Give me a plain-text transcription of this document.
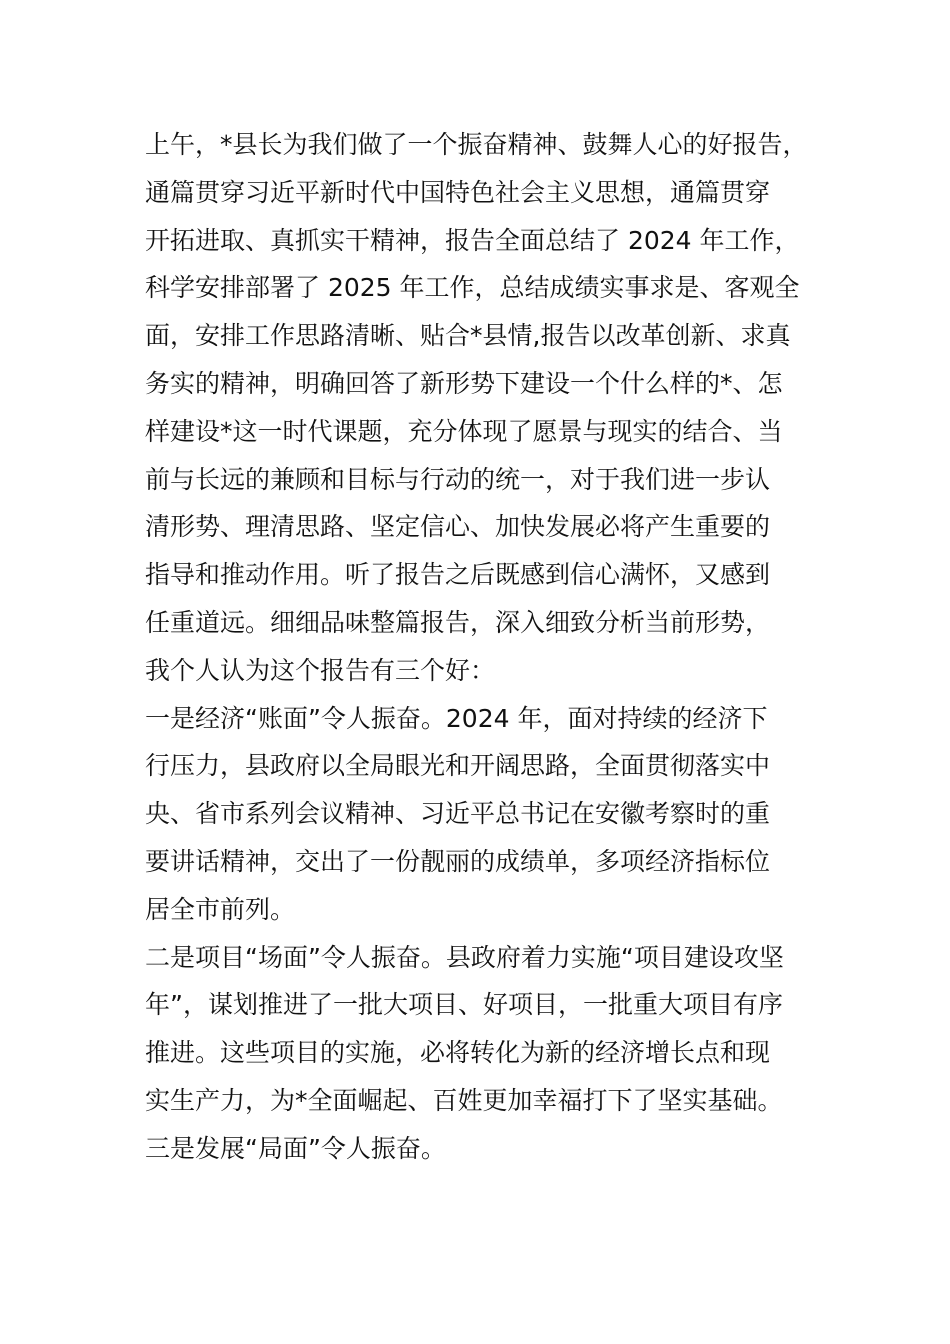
上午，*县长为我们做了一个振奋精神、鼓舞人心的好报告，
通篇贯穿习近平新时代中国特色社会主义思想，通篇贯穿
开拓进取、真抓实干精神，报告全面总结了 2024 年工作，
科学安排部署了 2025 年工作，总结成绩实事求是、客观全
面，安排工作思路清晰、贴合*县情,报告以改革创新、求真
务实的精神，明确回答了新形势下建设一个什么样的*、怎
样建设*这一时代课题，充分体现了愿景与现实的结合、当
前与长远的兼顾和目标与行动的统一，对于我们进一步认
清形势、理清思路、坚定信心、加快发展必将产生重要的
指导和推动作用。听了报告之后既感到信心满怀，又感到
任重道远。细细品味整篇报告，深入细致分析当前形势，
我个人认为这个报告有三个好：
一是经济“账面”令人振奋。2024 年，面对持续的经济下
行压力，县政府以全局眼光和开阔思路，全面贯彻落实中
央、省市系列会议精神、习近平总书记在安徽考察时的重
要讲话精神，交出了一份靓丽的成绩单，多项经济指标位
居全市前列。
二是项目“场面”令人振奋。县政府着力实施“项目建设攻坚
年”，谋划推进了一批大项目、好项目，一批重大项目有序
推进。这些项目的实施，必将转化为新的经济增长点和现
实生产力，为*全面崛起、百姓更加幸福打下了坚实基础。
三是发展“局面”令人振奋。
